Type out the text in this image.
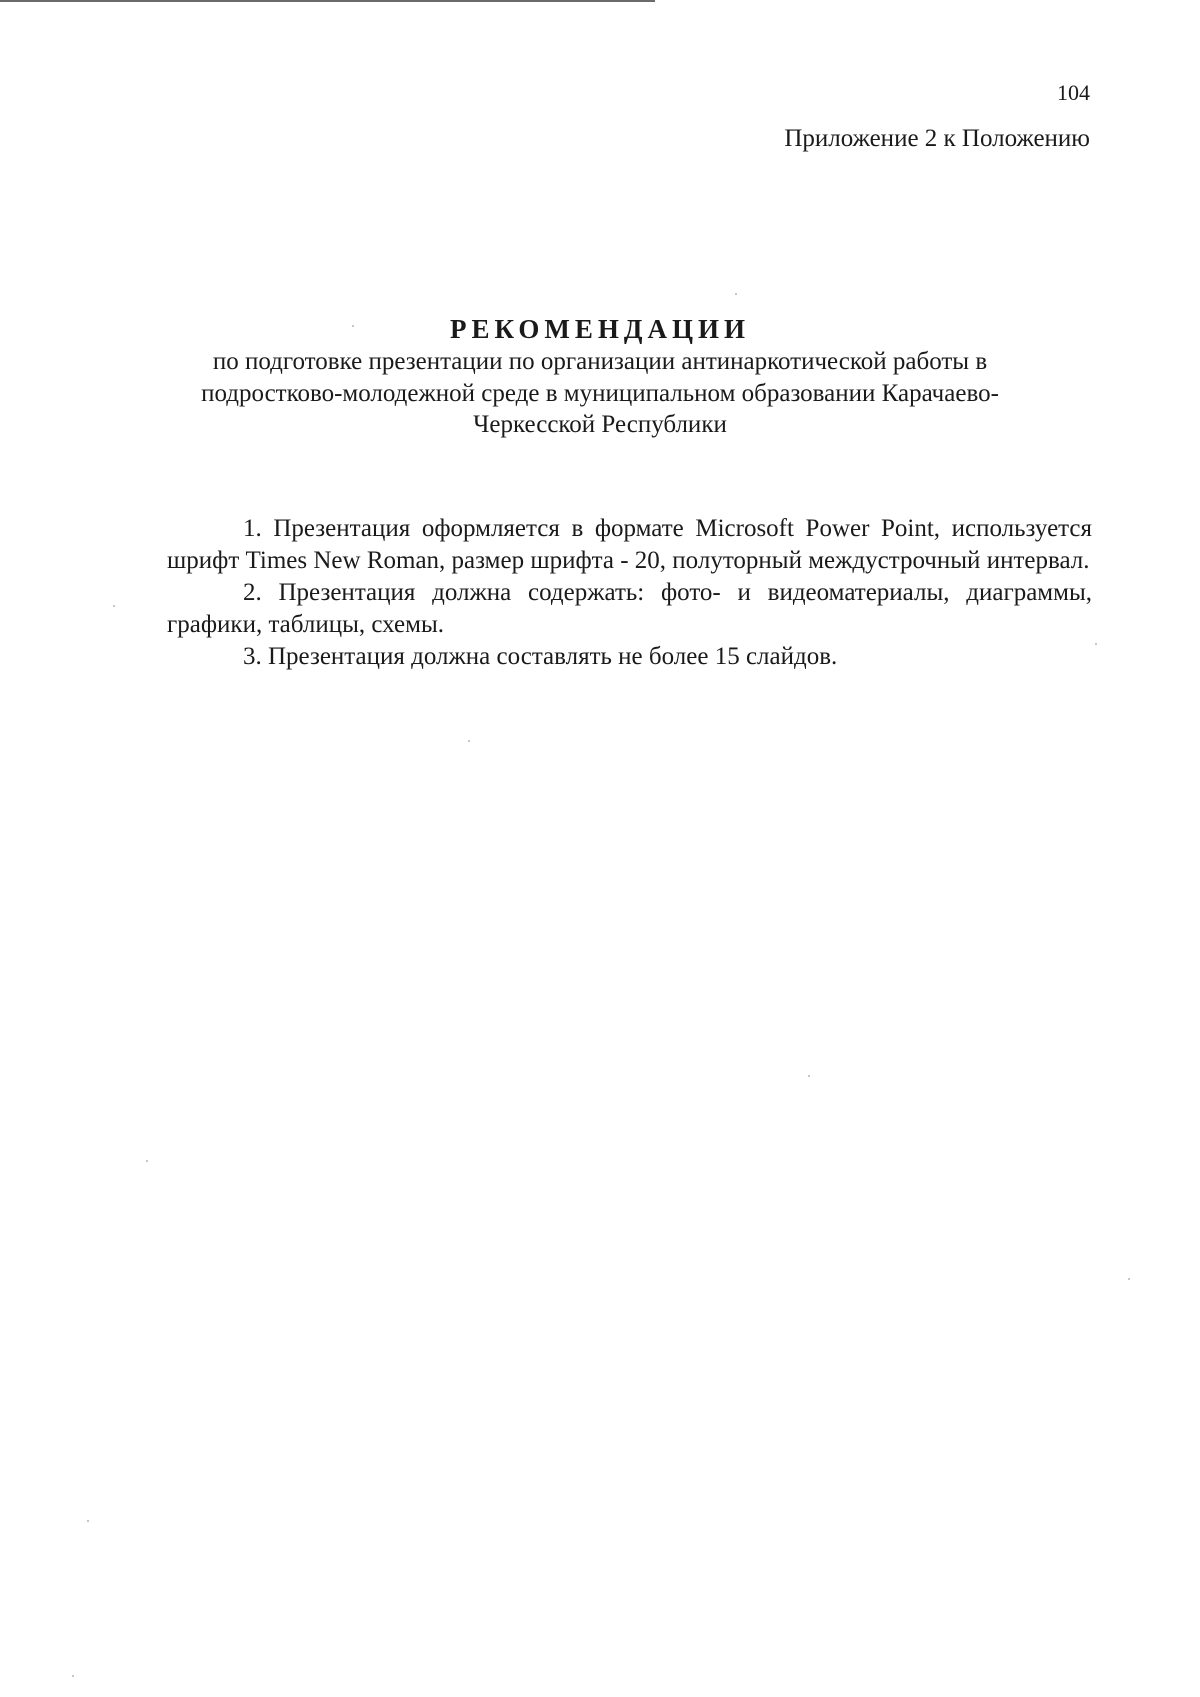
104
Приложение 2 к Положению

РЕКОМЕНДАЦИИ

по подготовке презентации по организации антинаркотической работы в подростково-молодежной среде в муниципальном образовании Карачаево-Черкесской Республики

1. Презентация оформляется в формате Microsoft Power Point, используется шрифт Times New Roman, размер шрифта - 20, полуторный междустрочный интервал.

2. Презентация должна содержать: фото- и видеоматериалы, диаграммы, графики, таблицы, схемы.

3. Презентация должна составлять не более 15 слайдов.
